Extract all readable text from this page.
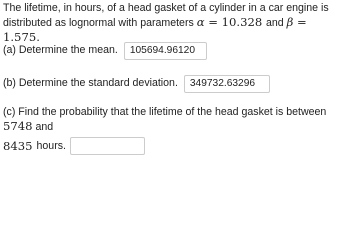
The lifetime, in hours, of a head gasket of a cylinder in a car engine is distributed as lognormal with parameters α = 10.328 and β = 1.575.

(a) Determine the mean.	105694.96120
(b) Determine the standard deviation.	349732.63296
(c) Find the probability that the lifetime of the head gasket is between 5748 and
8435 hours.
